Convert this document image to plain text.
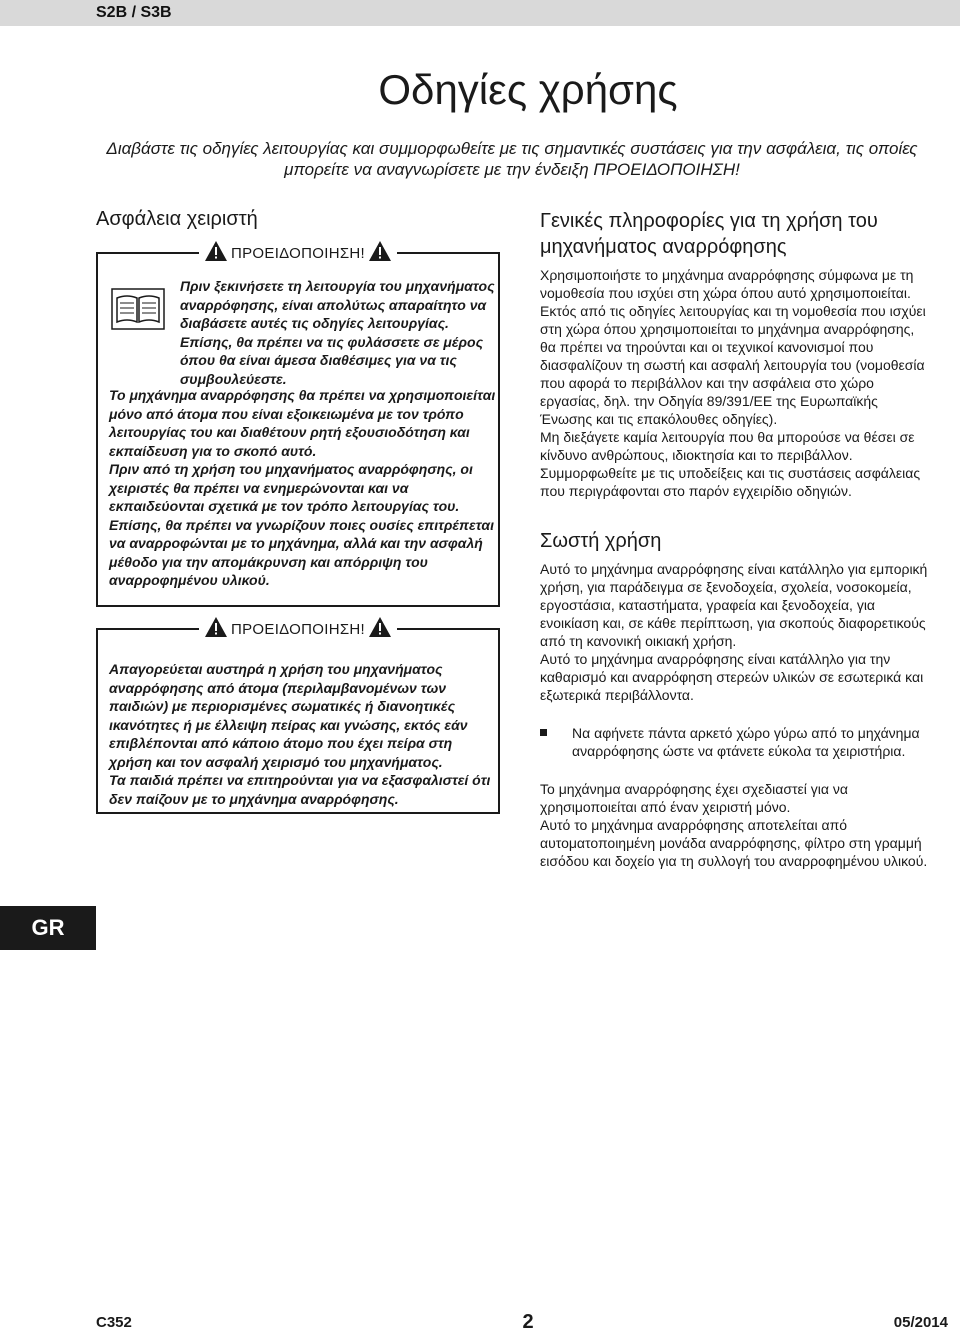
S2B / S3B
Οδηγίες χρήσης
Διαβάστε τις οδηγίες λειτουργίας και συμμορφωθείτε με τις σημαντικές συστάσεις για την ασφάλεια, τις οποίες μπορείτε να αναγνωρίσετε με την ένδειξη ΠΡΟΕΙΔΟΠΟΙΗΣΗ!
Ασφάλεια χειριστή
ΠΡΟΕΙΔΟΠΟΙΗΣΗ!
Πριν ξεκινήσετε τη λειτουργία του μηχανήματος αναρρόφησης, είναι απολύτως απαραίτητο να διαβάσετε αυτές τις οδηγίες λειτουργίας. Επίσης, θα πρέπει να τις φυλάσσετε σε μέρος όπου θα είναι άμεσα διαθέσιμες για να τις συμβουλεύεστε.

Το μηχάνημα αναρρόφησης θα πρέπει να χρησιμοποιείται μόνο από άτομα που είναι εξοικειωμένα με τον τρόπο λειτουργίας του και διαθέτουν ρητή εξουσιοδότηση και εκπαίδευση για το σκοπό αυτό.

Πριν από τη χρήση του μηχανήματος αναρρόφησης, οι χειριστές θα πρέπει να ενημερώνονται και να εκπαιδεύονται σχετικά με τον τρόπο λειτουργίας του. Επίσης, θα πρέπει να γνωρίζουν ποιες ουσίες επιτρέπεται να αναρροφώνται με το μηχάνημα, αλλά και την ασφαλή μέθοδο για την απομάκρυνση και απόρριψη του αναρροφημένου υλικού.

ΠΡΟΕΙΔΟΠΟΙΗΣΗ!

Απαγορεύεται αυστηρά η χρήση του μηχανήματος αναρρόφησης από άτομα (περιλαμβανομένων των παιδιών) με περιορισμένες σωματικές ή διανοητικές ικανότητες ή με έλλειψη πείρας και γνώσης, εκτός εάν επιβλέπονται από κάποιο άτομο που έχει πείρα στη χρήση και τον ασφαλή χειρισμό του μηχανήματος.

Τα παιδιά πρέπει να επιτηρούνται για να εξασφαλιστεί ότι δεν παίζουν με το μηχάνημα αναρρόφησης.

Γενικές πληροφορίες για τη χρήση του μηχανήματος αναρρόφησης

Χρησιμοποιήστε το μηχάνημα αναρρόφησης σύμφωνα με τη νομοθεσία που ισχύει στη χώρα όπου αυτό χρησιμοποιείται.

Εκτός από τις οδηγίες λειτουργίας και τη νομοθεσία που ισχύει στη χώρα όπου χρησιμοποιείται το μηχάνημα αναρρόφησης, θα πρέπει να τηρούνται και οι τεχνικοί κανονισμοί που διασφαλίζουν τη σωστή και ασφαλή λειτουργία του (νομοθεσία που αφορά το περιβάλλον και την ασφάλεια στο χώρο εργασίας, δηλ. την Οδηγία 89/391/ΕΕ της Ευρωπαϊκής Ένωσης και τις επακόλουθες οδηγίες).

Μη διεξάγετε καμία λειτουργία που θα μπορούσε να θέσει σε κίνδυνο ανθρώπους, ιδιοκτησία και το περιβάλλον.

Συμμορφωθείτε με τις υποδείξεις και τις συστάσεις ασφάλειας που περιγράφονται στο παρόν εγχειρίδιο οδηγιών.

Σωστή χρήση

Αυτό το μηχάνημα αναρρόφησης είναι κατάλληλο για εμπορική χρήση, για παράδειγμα σε ξενοδοχεία, σχολεία, νοσοκομεία, εργοστάσια, καταστήματα, γραφεία και ξενοδοχεία, για ενοικίαση και, σε κάθε περίπτωση, για σκοπούς διαφορετικούς από τη κανονική οικιακή χρήση.

Αυτό το μηχάνημα αναρρόφησης είναι κατάλληλο για την καθαρισμό και αναρρόφηση στερεών υλικών σε εσωτερικά και εξωτερικά περιβάλλοντα.

Να αφήνετε πάντα αρκετό χώρο γύρω από το μηχάνημα αναρρόφησης ώστε να φτάνετε εύκολα τα χειριστήρια.

Το μηχάνημα αναρρόφησης έχει σχεδιαστεί για να χρησιμοποιείται από έναν χειριστή μόνο.

Αυτό το μηχάνημα αναρρόφησης αποτελείται από αυτοματοποιημένη μονάδα αναρρόφησης, φίλτρο στη γραμμή εισόδου και δοχείο για τη συλλογή του αναρροφημένου υλικού.

GR
C352	2	05/2014
